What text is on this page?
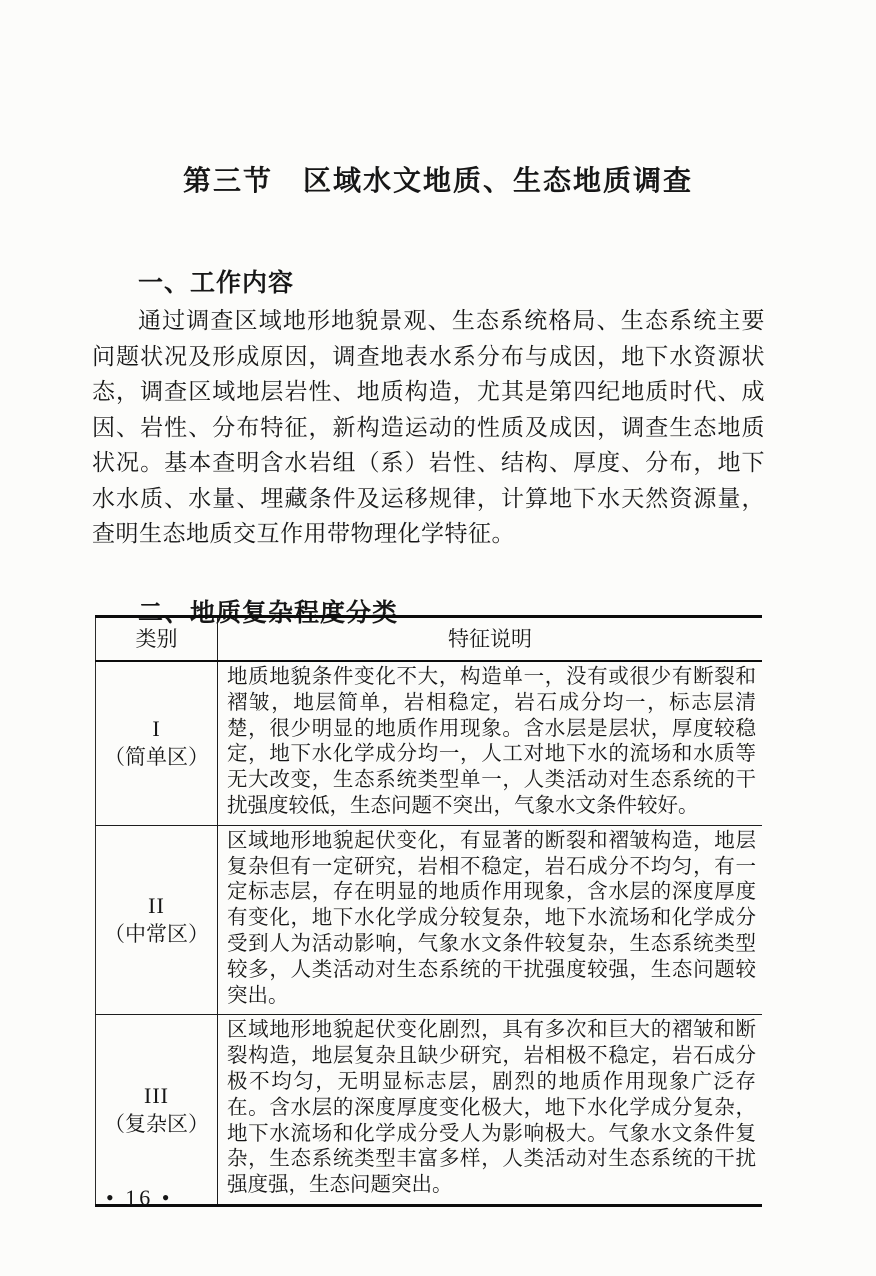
第三节　区域水文地质、生态地质调查
一、工作内容

通过调查区域地形地貌景观、生态系统格局、生态系统主要问题状况及形成原因，调查地表水系分布与成因，地下水资源状态，调查区域地层岩性、地质构造，尤其是第四纪地质时代、成因、岩性、分布特征，新构造运动的性质及成因，调查生态地质状况。基本查明含水岩组（系）岩性、结构、厚度、分布，地下水水质、水量、埋藏条件及运移规律，计算地下水天然资源量，查明生态地质交互作用带物理化学特征。

二、地质复杂程度分类
类别	特征说明

I
（简单区）	地质地貌条件变化不大，构造单一，没有或很少有断裂和褶皱，地层简单，岩相稳定，岩石成分均一，标志层清楚，很少明显的地质作用现象。含水层是层状，厚度较稳定，地下水化学成分均一，人工对地下水的流场和水质等无大改变，生态系统类型单一，人类活动对生态系统的干扰强度较低，生态问题不突出，气象水文条件较好。

II
（中常区）	区域地形地貌起伏变化，有显著的断裂和褶皱构造，地层复杂但有一定研究，岩相不稳定，岩石成分不均匀，有一定标志层，存在明显的地质作用现象，含水层的深度厚度有变化，地下水化学成分较复杂，地下水流场和化学成分受到人为活动影响，气象水文条件较复杂，生态系统类型较多，人类活动对生态系统的干扰强度较强，生态问题较突出。

III
（复杂区）	区域地形地貌起伏变化剧烈，具有多次和巨大的褶皱和断裂构造，地层复杂且缺少研究，岩相极不稳定，岩石成分极不均匀，无明显标志层，剧烈的地质作用现象广泛存在。含水层的深度厚度变化极大，地下水化学成分复杂，地下水流场和化学成分受人为影响极大。气象水文条件复杂，生态系统类型丰富多样，人类活动对生态系统的干扰强度强，生态问题突出。
• 16 •
